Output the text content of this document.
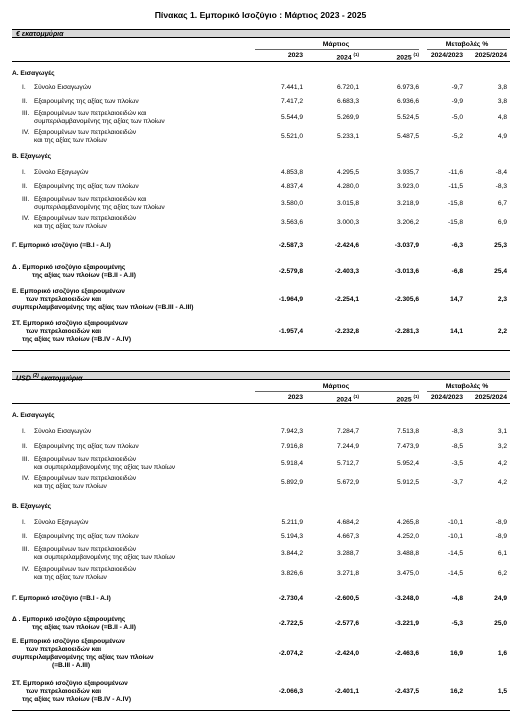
Πίνακας 1. Εμπορικό Ισοζύγιο : Μάρτιος 2023 - 2025
€ εκατομμύρια
Μάρτιος	Μεταβολές %
2023	2024 $^{(1)}$	2025 $^{(1)}$	2024/2023	2025/2024
Α. Εισαγωγές
I. Σύνολο Εισαγωγών	7.441,1	6.720,1	6.973,6	-9,7	3,8
II. Εξαιρουμένης της αξίας των πλοίων	7.417,2	6.683,3	6.936,6	-9,9	3,8
III. Εξαιρουμένων των πετρελαιοειδών και
συμπεριλαμβανομένης της αξίας των πλοίων
5.544,9	5.269,9	5.524,5	-5,0	4,8
IV. Εξαιρουμένων των πετρελαιοειδών
και της αξίας των πλοίων
5.521,0	5.233,1	5.487,5	-5,2	4,9
Β. Εξαγωγές
I. Σύνολο Εξαγωγών	4.853,8	4.295,5	3.935,7	-11,6	-8,4
II. Εξαιρουμένης της αξίας των πλοίων	4.837,4	4.280,0	3.923,0	-11,5	-8,3
III. Εξαιρουμένων των πετρελαιοειδών και
συμπεριλαμβανομένης της αξίας των πλοίων
3.580,0	3.015,8	3.218,9	-15,8	6,7
IV. Εξαιρουμένων των πετρελαιοειδών
και της αξίας των πλοίων
3.563,6	3.000,3	3.206,2	-15,8	6,9
Γ. Εμπορικό ισοζύγιο (=B.I - A.I)	-2.587,3	-2.424,6	-3.037,9	-6,3	25,3
Δ . Εμπορικό ισοζύγιο εξαιρουμένης
της αξίας των πλοίων (=Β.ΙΙ - Α.ΙΙ)
-2.579,8	-2.403,3	-3.013,6	-6,8	25,4
Ε. Εμπορικό ισοζύγιο εξαιρουμένων
των πετρελαιοειδών και
συμπεριλαμβανομένης της αξίας των πλοίων (=B.III - A.III)
-1.964,9	-2.254,1	-2.305,6	14,7	2,3
ΣΤ. Εμπορικό ισοζύγιο εξαιρουμένων
των πετρελαιοειδών και
της αξίας των πλοίων (=B.IV - A.IV)
-1.957,4	-2.232,8	-2.281,3	14,1	2,2
USD $^{(2)}$ εκατομμύρια
Μάρτιος	Μεταβολές %
2023	2024 $^{(1)}$	2025 $^{(1)}$	2024/2023	2025/2024
Α. Εισαγωγές
I. Σύνολο Εισαγωγών	7.942,3	7.284,7	7.513,8	-8,3	3,1
II. Εξαιρουμένης της αξίας των πλοίων	7.916,8	7.244,9	7.473,9	-8,5	3,2
III. Εξαιρουμένων των πετρελαιοειδών
και συμπεριλαμβανομένης της αξίας των πλοίων
5.918,4	5.712,7	5.952,4	-3,5	4,2
IV. Εξαιρουμένων των πετρελαιοειδών
και της αξίας των πλοίων
5.892,9	5.672,9	5.912,5	-3,7	4,2
Β. Εξαγωγές
I. Σύνολο Εξαγωγών	5.211,9	4.684,2	4.265,8	-10,1	-8,9
II. Εξαιρουμένης της αξίας των πλοίων	5.194,3	4.667,3	4.252,0	-10,1	-8,9
III. Εξαιρουμένων των πετρελαιοειδών
και συμπεριλαμβανομένης της αξίας των πλοίων
3.844,2	3.288,7	3.488,8	-14,5	6,1
IV. Εξαιρουμένων των πετρελαιοειδών
και της αξίας των πλοίων
3.826,6	3.271,8	3.475,0	-14,5	6,2
Γ. Εμπορικό ισοζύγιο (=B.I - A.I)	-2.730,4	-2.600,5	-3.248,0	-4,8	24,9
Δ . Εμπορικό ισοζύγιο εξαιρουμένης
της αξίας των πλοίων (=Β.ΙΙ - Α.ΙΙ)
-2.722,5	-2.577,6	-3.221,9	-5,3	25,0
Ε. Εμπορικό ισοζύγιο εξαιρουμένων
των πετρελαιοειδών και
συμπεριλαμβανομένης της αξίας των πλοίων
(=B.III - A.III)
-2.074,2	-2.424,0	-2.463,6	16,9	1,6
ΣΤ. Εμπορικό ισοζύγιο εξαιρουμένων
των πετρελαιοειδών και
της αξίας των πλοίων (=B.IV - A.IV)
-2.066,3	-2.401,1	-2.437,5	16,2	1,5
